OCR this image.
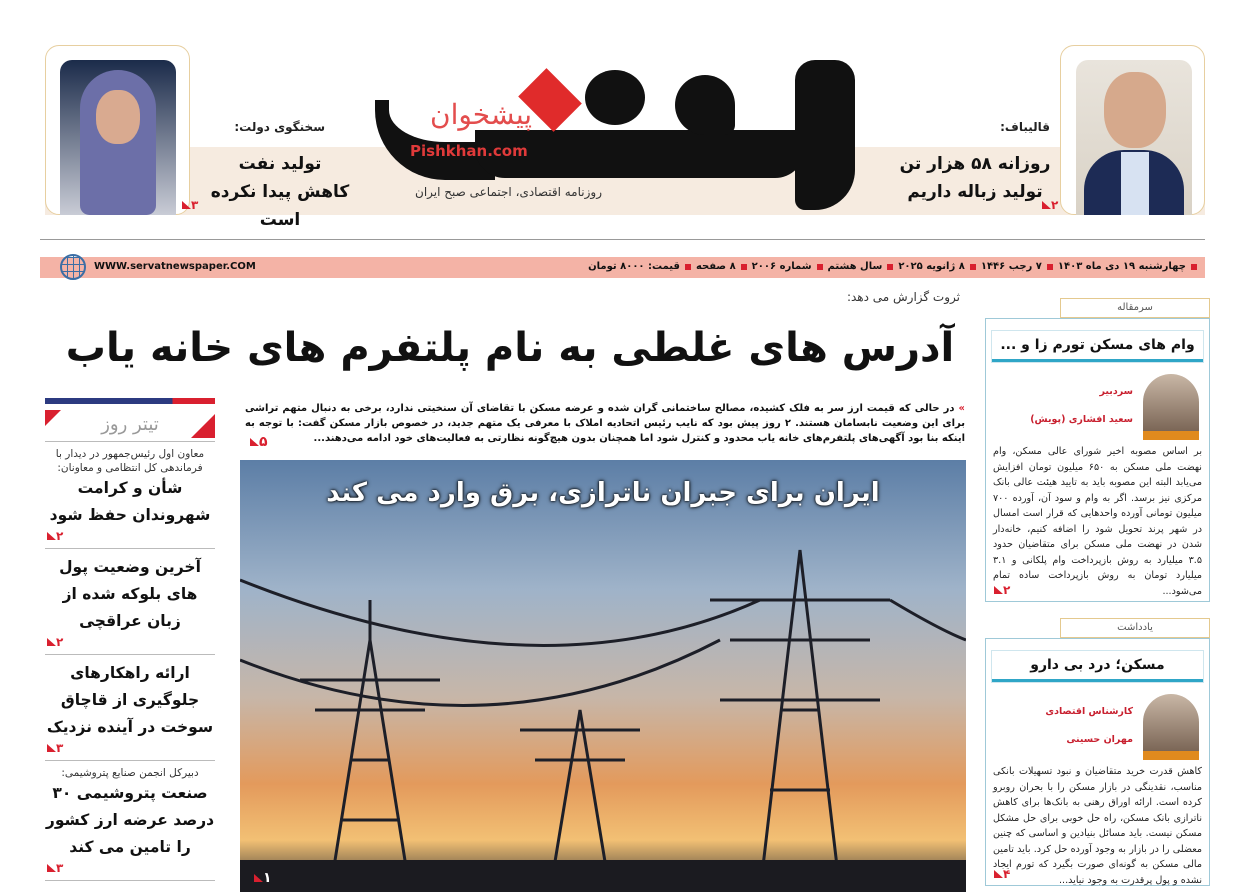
قالیباف:
روزانه ۵۸ هزار تن
تولید زباله داریم
۲
روزنامه اقتصادی، اجتماعی صبح ایران
پیشخوان
Pishkhan.com
سخنگوی دولت:
تولید نفت
کاهش پیدا نکرده است
۳
WWW.servatnewspaper.COM	چهارشنبه ۱۹ دی ماه ۱۴۰۳
۷ رجب ۱۴۴۶
۸ ژانویه ۲۰۲۵
سال هشتم
شماره ۲۰۰۶
۸ صفحه
قیمت: ۸۰۰۰ تومان
ثروت گزارش می دهد:
آدرس های غلطی به نام پلتفرم های خانه یاب
» در حالی که قیمت ارز سر به فلک کشیده، مصالح ساختمانی گران شده و عرضه مسکن با تقاضای آن سنخیتی ندارد، برخی به دنبال متهم تراشی برای این وضعیت نابسامان هستند. ۲ روز پیش بود که نایب رئیس اتحادیه املاک با معرفی یک متهم جدید، در خصوص بازار مسکن گفت: با توجه به اینکه بنا بود آگهی‌های پلتفرم‌های خانه یاب محدود و کنترل شود اما همچنان بدون هیچ‌گونه نظارتی به فعالیت‌های خود ادامه می‌دهند...
۵
ایران برای جبران ناترازی، برق وارد می کند
۱
تیتر روز
معاون اول رئیس‌جمهور در دیدار با فرماندهی کل انتظامی و معاونان:
شأن و کرامت شهروندان حفظ شود
۲
آخرین وضعیت پول های بلوکه شده از زبان عراقچی
۲
ارائه راهکارهای جلوگیری از قاچاق سوخت در آینده نزدیک
۳
دبیرکل انجمن صنایع پتروشیمی:
صنعت پتروشیمی ۳۰ درصد عرضه ارز کشور را تامین می کند
۳
سرمقاله
وام های مسکن تورم زا و ...
سردبیر
سعید افشاری (پویش)
بر اساس مصوبه اخیر شورای عالی مسکن، وام نهضت ملی مسکن به ۶۵۰ میلیون تومان افزایش می‌یابد البته این مصوبه باید به تایید هیئت عالی بانک مرکزی نیز برسد. اگر به وام و سود آن، آورده ۷۰۰ میلیون تومانی آورده واحدهایی که قرار است امسال در شهر پرند تحویل شود را اضافه کنیم، خانه‌دار شدن در نهضت ملی مسکن برای متقاضیان حدود ۳.۵ میلیارد به روش بازپرداخت وام پلکانی و ۳.۱ میلیارد تومان به روش بازپرداخت ساده تمام می‌شود...
۲
یادداشت
مسکن؛ درد بی دارو
کارشناس اقتصادی
مهران حسینی
کاهش قدرت خرید متقاضیان و نبود تسهیلات بانکی مناسب، نقدینگی در بازار مسکن را با بحران روبرو کرده است. ارائه اوراق رهنی به بانک‌ها برای کاهش ناترازی بانک مسکن، راه حل خوبی برای حل مشکل مسکن نیست. باید مسائل بنیادین و اساسی که چنین معضلی را در بازار به وجود آورده حل کرد. باید تامین مالی مسکن به گونه‌ای صورت بگیرد که تورم ایجاد نشده و پول پرقدرت به وجود نیاید...
۴
